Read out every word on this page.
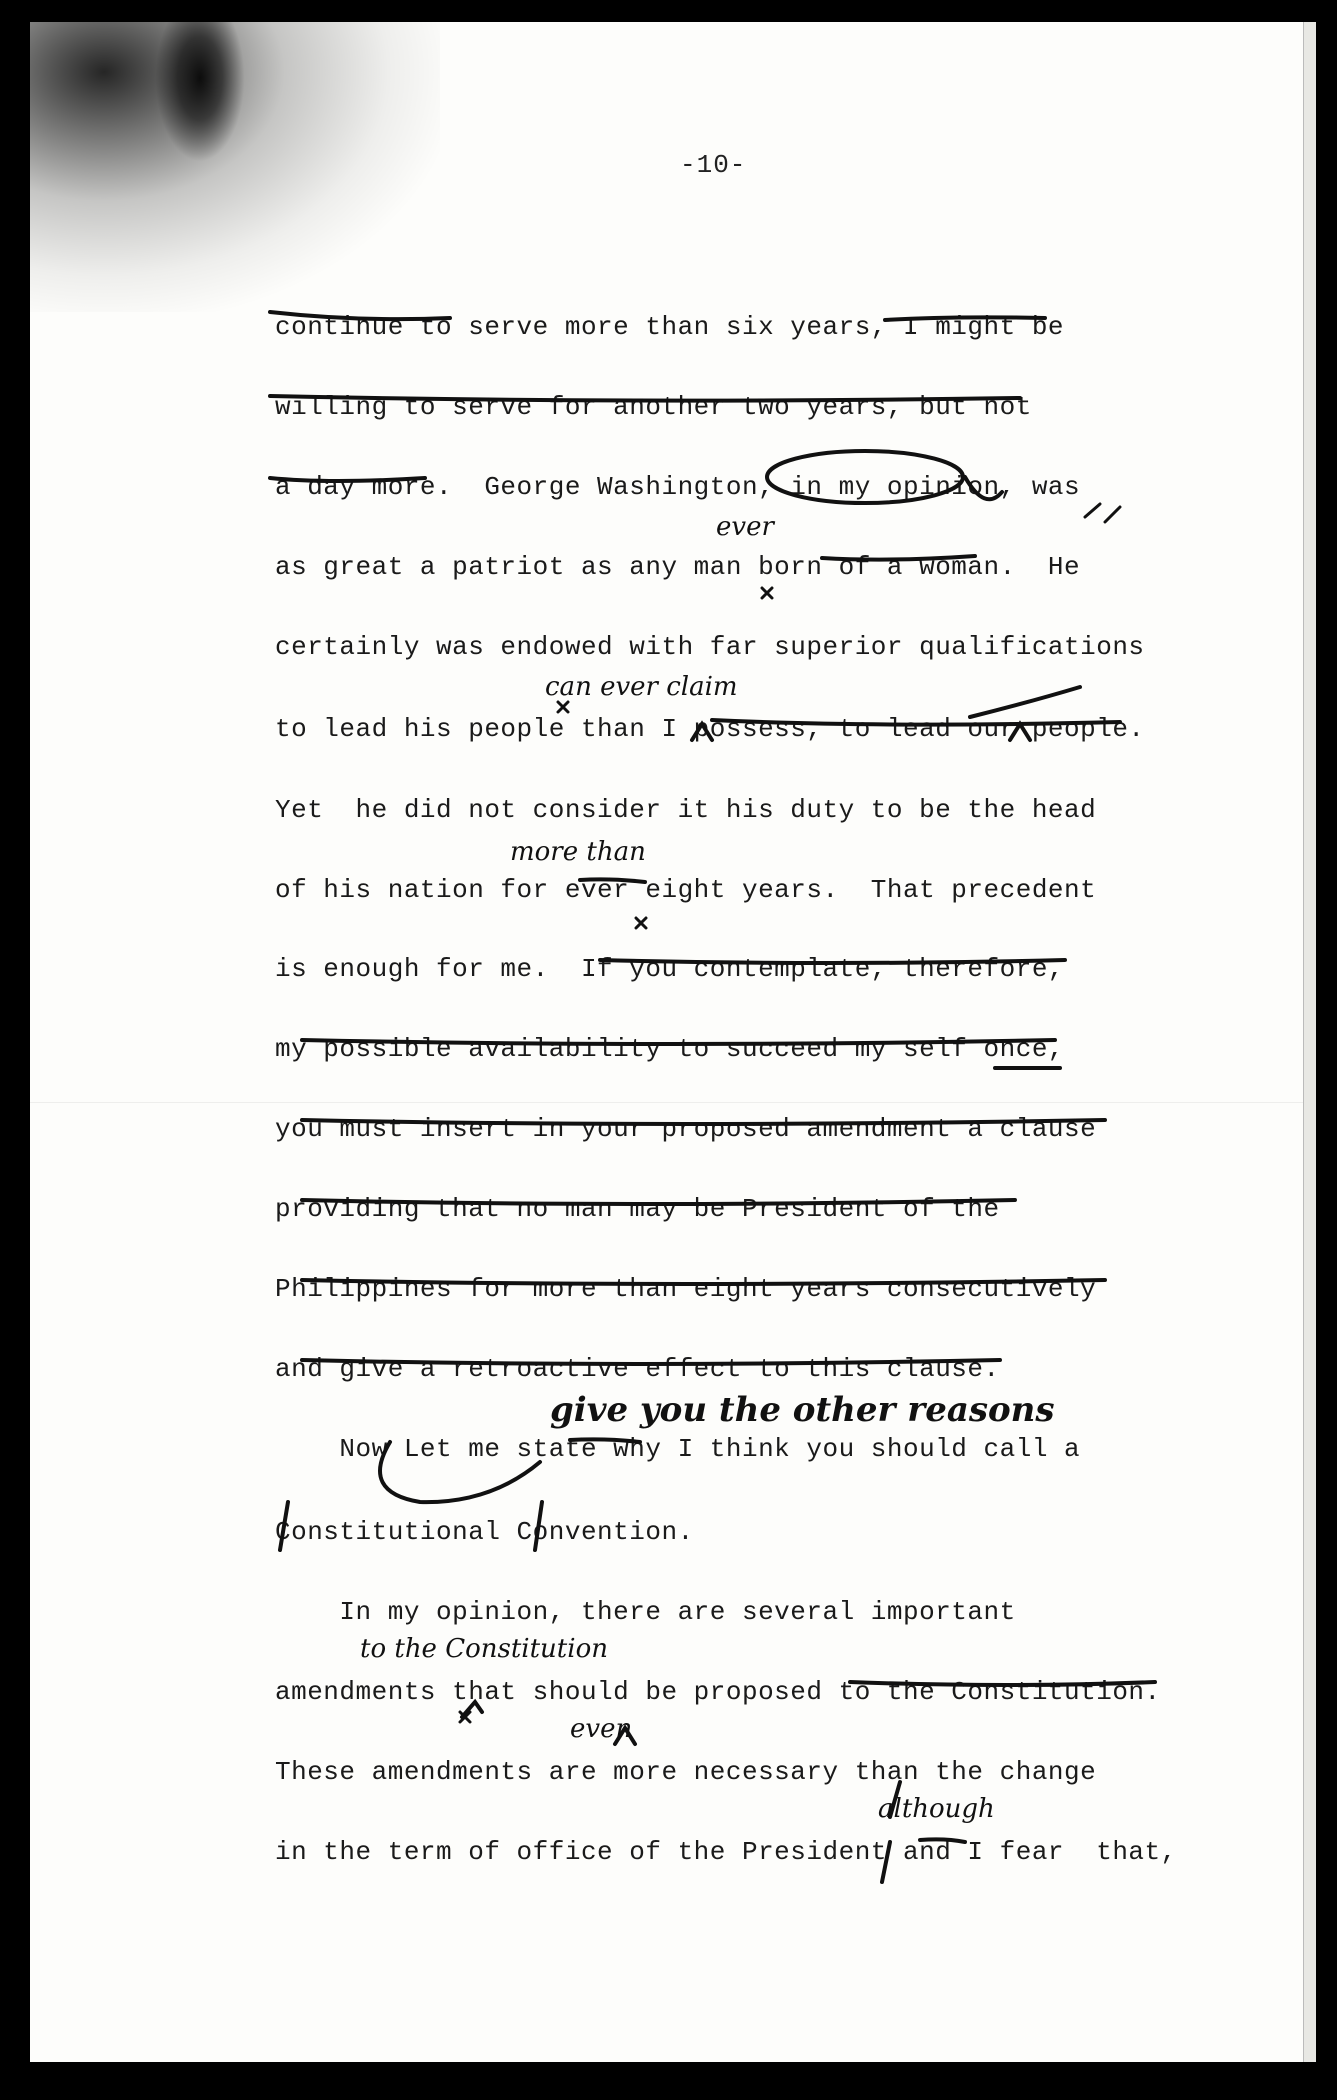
-10-
continue to serve more than six years, I might be
willing to serve for another two years, but not
a day more.  George Washington, in my opinion, was
as great a patriot as any man born of a woman.  He
certainly was endowed with far superior qualifications
to lead his people than I possess, to lead our people.
Yet  he did not consider it his duty to be the head
of his nation for ever eight years.  That precedent
is enough for me.  If you contemplate, therefore,
my possible availability to succeed my self once,
you must insert in your proposed amendment a clause
providing that no man may be President of the
Philippines for more than eight years consecutively
and give a retroactive effect to this clause.
Now Let me state why I think you should call a
Constitutional Convention.
In my opinion, there are several important
amendments that should be proposed to the Constitution.
These amendments are more necessary than the change
in the term of office of the President and I fear  that,
ever
can ever claim
more than
give you the other reasons
to the Constitution
even
although
